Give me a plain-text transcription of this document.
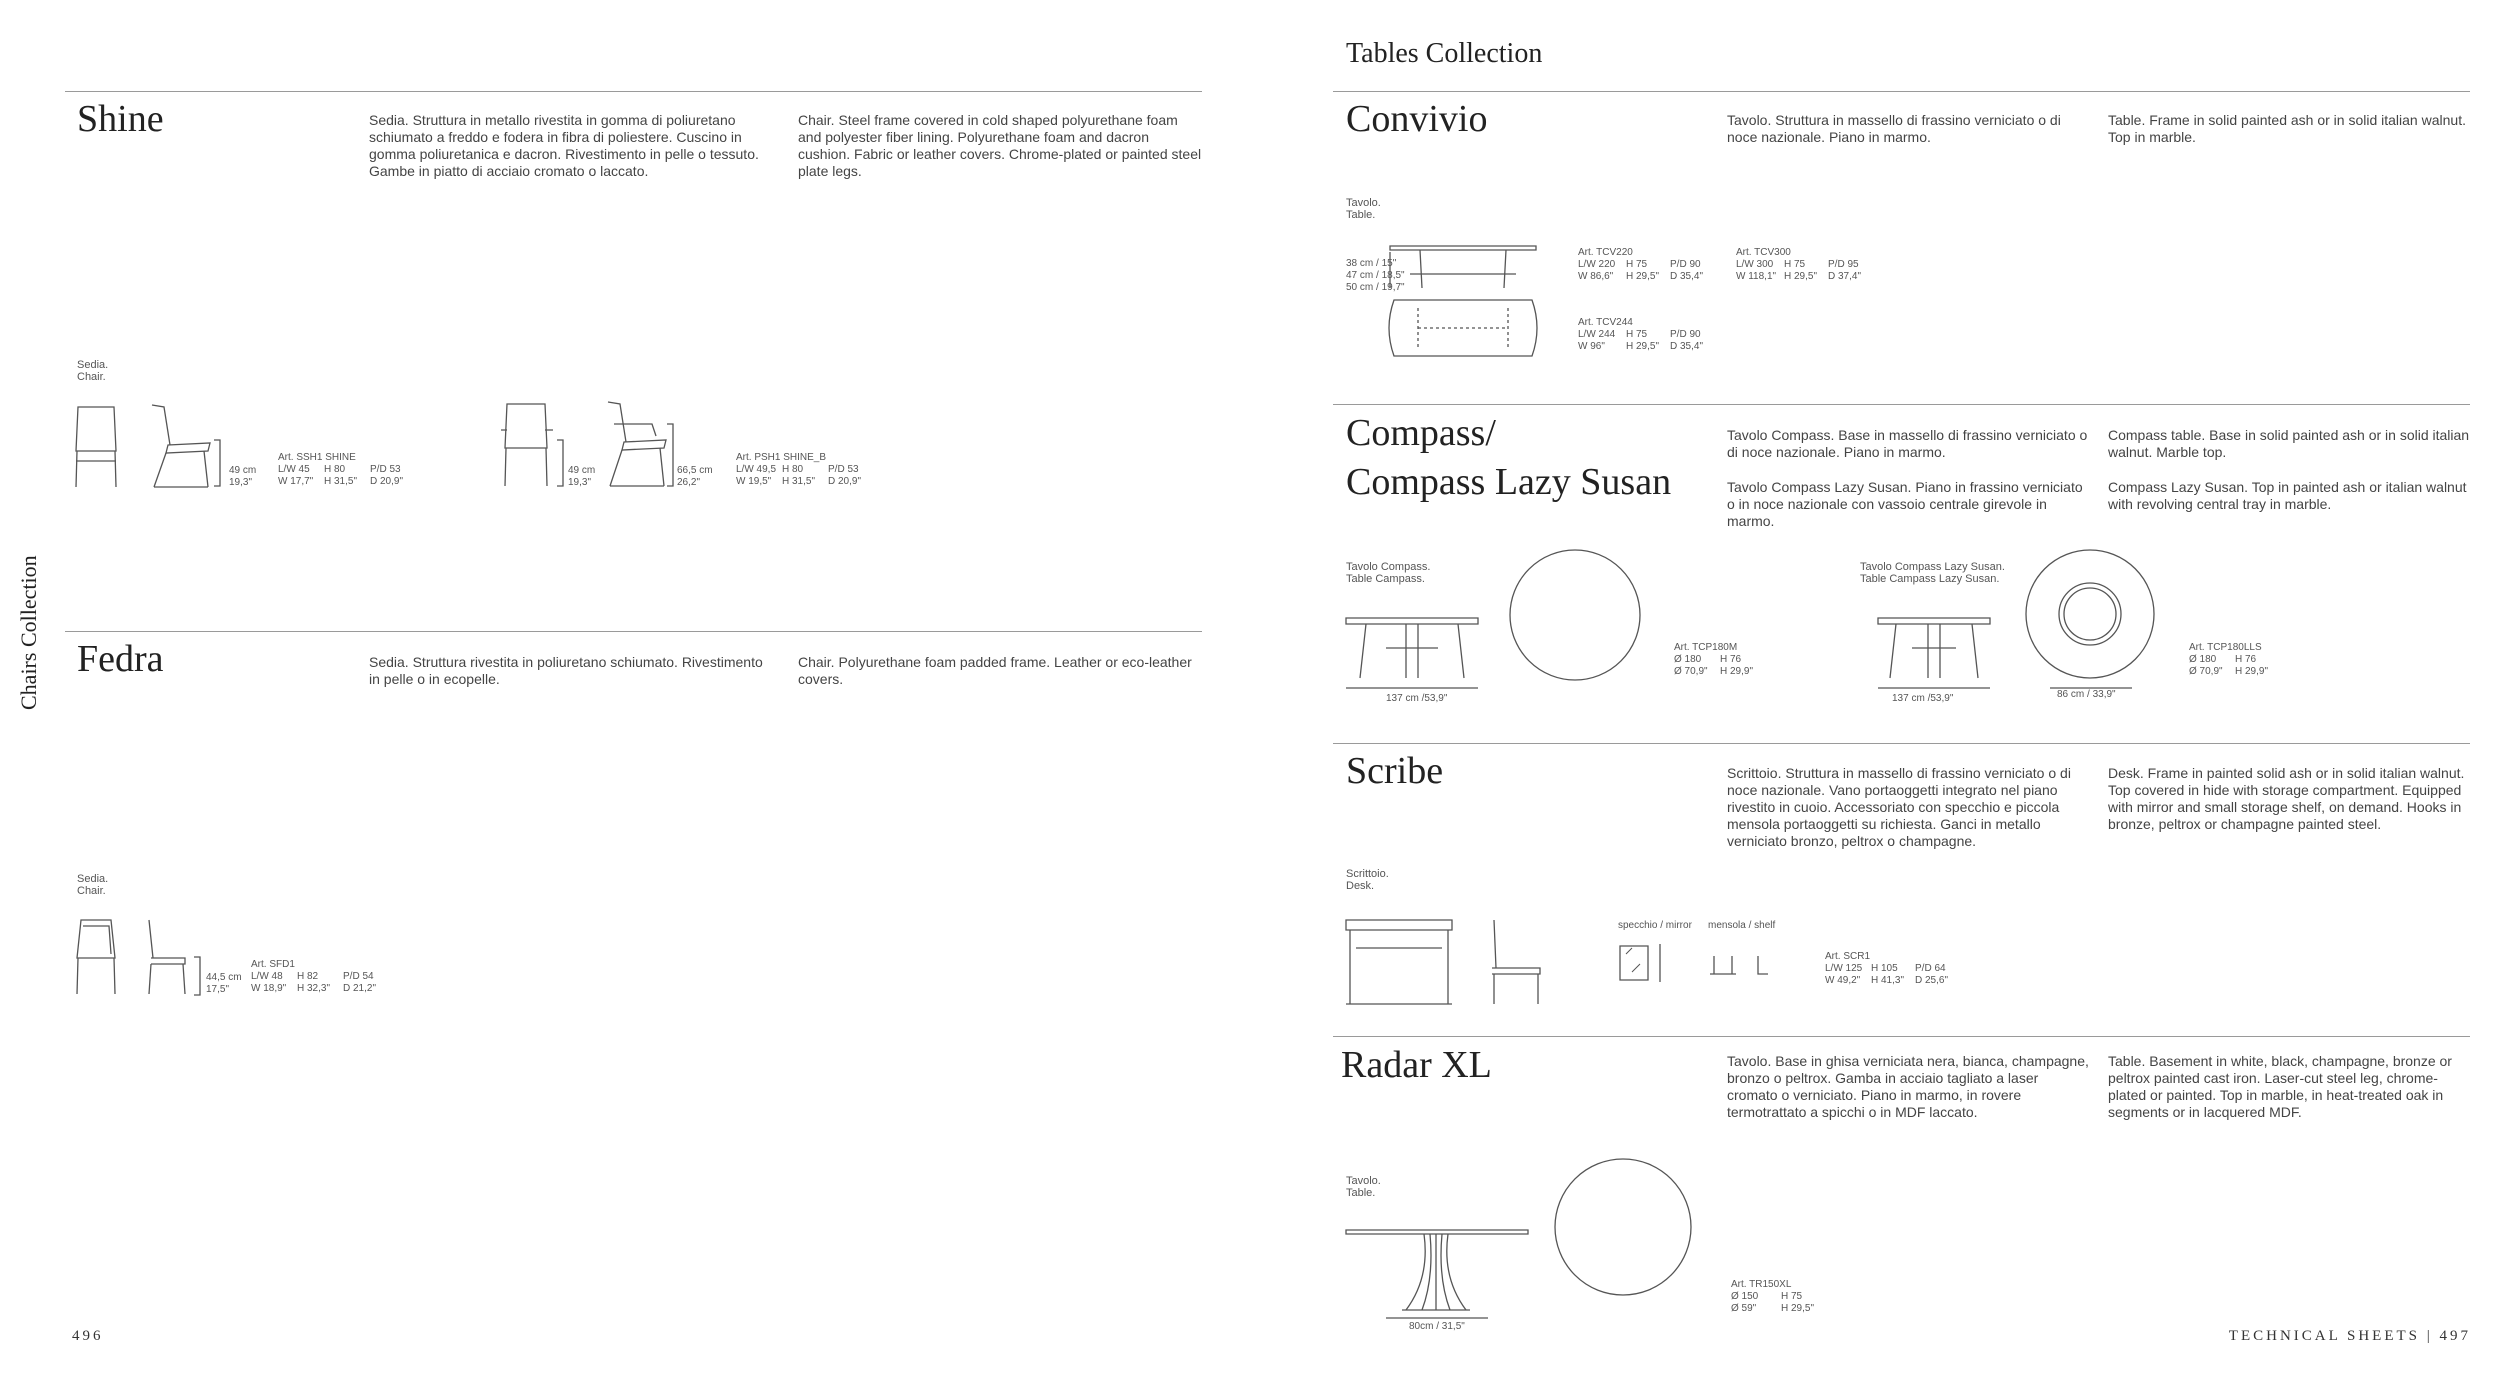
Chairs Collection
Shine	Sedia. Struttura in metallo rivestita in gomma di poliuretano schiumato a freddo e fodera in fibra di poliestere. Cuscino in gomma poliuretanica e dacron. Rivestimento in pelle o tessuto. Gambe in piatto di acciaio cromato o laccato.
Chair. Steel frame covered in cold shaped polyurethane foam and polyester fiber lining. Polyurethane foam and dacron cushion. Fabric or leather covers. Chrome-plated or painted steel plate legs.
Sedia.
Chair.
49 cm
19,3"
Art. SSH1 SHINE
L/W 45	H 80	P/D 53
W 17,7"	H 31,5"	D 20,9"
49 cm
19,3"
66,5 cm
26,2"
Art. PSH1 SHINE_B
L/W 49,5 H 80	P/D 53
W 19,5"	H 31,5"	D 20,9"
Fedra	Sedia. Struttura rivestita in poliuretano schiumato. Rivestimento in pelle o in ecopelle.
Chair. Polyurethane foam padded frame. Leather or eco-leather covers.
Sedia.
Chair.
44,5 cm
17,5"
Art. SFD1
L/W 48	H 82	P/D 54
W 18,9"	H 32,3"	D 21,2"
496
Tables Collection
Convivio	Tavolo. Struttura in massello di frassino verniciato o di noce nazionale. Piano in marmo.
Table. Frame in solid painted ash or in solid italian walnut. Top in marble.
Tavolo.
Table.
38 cm / 15"
47 cm / 18,5"
50 cm / 19,7"
Art. TCV220
L/W 220	H 75	P/D 90
W 86,6"	H 29,5"	D 35,4"
Art. TCV300
L/W 300	H 75	P/D 95
W 118,1" H 29,5"	D 37,4"
Art. TCV244
L/W 244	H 75	P/D 90
W 96"	H 29,5"	D 35,4"
Compass/
Compass Lazy Susan
Tavolo Compass. Base in massello di frassino verniciato o di noce nazionale. Piano in marmo.
Tavolo Compass Lazy Susan. Piano in frassino verniciato o in noce nazionale con vassoio centrale girevole in marmo.
Compass table. Base in solid painted ash or in solid italian walnut. Marble top.
Compass Lazy Susan. Top in painted ash or italian walnut with revolving central tray in marble.
Tavolo Compass.
Table Campass.
137 cm /53,9"
Art. TCP180M
Ø 180	H 76
Ø 70,9"	H 29,9"
Tavolo Compass Lazy Susan.
Table Campass Lazy Susan.
137 cm /53,9"	86 cm / 33,9"
Art. TCP180LLS
Ø 180	H 76
Ø 70,9"	H 29,9"
Scribe	Scrittoio. Struttura in massello di frassino verniciato o di noce nazionale. Vano portaoggetti integrato nel piano rivestito in cuoio. Accessoriato con specchio e piccola mensola portaoggetti su richiesta. Ganci in metallo verniciato bronzo, peltrox o champagne.
Desk. Frame in painted solid ash or in solid italian walnut. Top covered in hide with storage compartment. Equipped with mirror and small storage shelf, on demand. Hooks in bronze, peltrox or champagne painted steel.
Scrittoio.
Desk.
specchio / mirror mensola / shelf
Art. SCR1
L/W 125 H 105	P/D 64
W 49,2"	H 41,3"	D 25,6"
Radar XL	Tavolo. Base in ghisa verniciata nera, bianca, champagne, bronzo o peltrox. Gamba in acciaio tagliato a laser cromato o verniciato. Piano in marmo, in rovere termotrattato a spicchi o in MDF laccato.
Table. Basement in white, black, champagne, bronze or peltrox painted cast iron. Laser-cut steel leg, chrome-plated or painted. Top in marble, in heat-treated oak in segments or in lacquered MDF.
Tavolo.
Table.
80cm / 31,5"
Art. TR150XL
Ø 150	H 75
Ø 59"	H 29,5"
TECHNICAL SHEETS | 497
